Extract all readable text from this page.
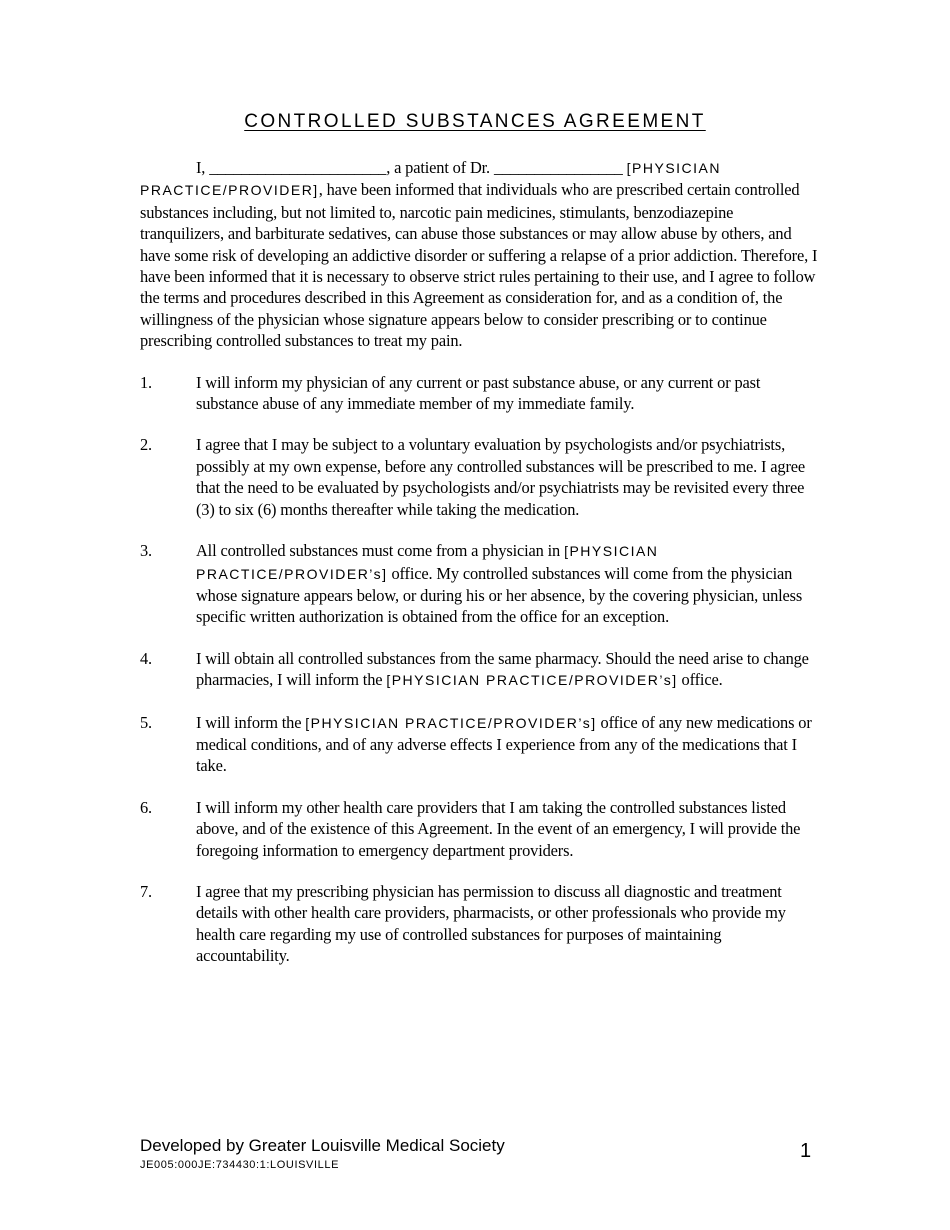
CONTROLLED SUBSTANCES AGREEMENT

I, ______________________, a patient of Dr. ________________ [PHYSICIAN PRACTICE/PROVIDER], have been informed that individuals who are prescribed certain controlled substances including, but not limited to, narcotic pain medicines, stimulants, benzodiazepine tranquilizers, and barbiturate sedatives, can abuse those substances or may allow abuse by others, and have some risk of developing an addictive disorder or suffering a relapse of a prior addiction. Therefore, I have been informed that it is necessary to observe strict rules pertaining to their use, and I agree to follow the terms and procedures described in this Agreement as consideration for, and as a condition of, the willingness of the physician whose signature appears below to consider prescribing or to continue prescribing controlled substances to treat my pain.

1.	I will inform my physician of any current or past substance abuse, or any current or past substance abuse of any immediate member of my immediate family.
2.	I agree that I may be subject to a voluntary evaluation by psychologists and/or psychiatrists, possibly at my own expense, before any controlled substances will be prescribed to me. I agree that the need to be evaluated by psychologists and/or psychiatrists may be revisited every three (3) to six (6) months thereafter while taking the medication.
3.	All controlled substances must come from a physician in [PHYSICIAN PRACTICE/PROVIDER’s] office. My controlled substances will come from the physician whose signature appears below, or during his or her absence, by the covering physician, unless specific written authorization is obtained from the office for an exception.
4.	I will obtain all controlled substances from the same pharmacy. Should the need arise to change pharmacies, I will inform the [PHYSICIAN PRACTICE/PROVIDER’s] office.
5.	I will inform the [PHYSICIAN PRACTICE/PROVIDER’s] office of any new medications or medical conditions, and of any adverse effects I experience from any of the medications that I take.
6.	I will inform my other health care providers that I am taking the controlled substances listed above, and of the existence of this Agreement. In the event of an emergency, I will provide the foregoing information to emergency department providers.
7.	I agree that my prescribing physician has permission to discuss all diagnostic and treatment details with other health care providers, pharmacists, or other professionals who provide my health care regarding my use of controlled substances for purposes of maintaining accountability.

Developed by Greater Louisville Medical Society

JE005:000JE:734430:1:LOUISVILLE

1
